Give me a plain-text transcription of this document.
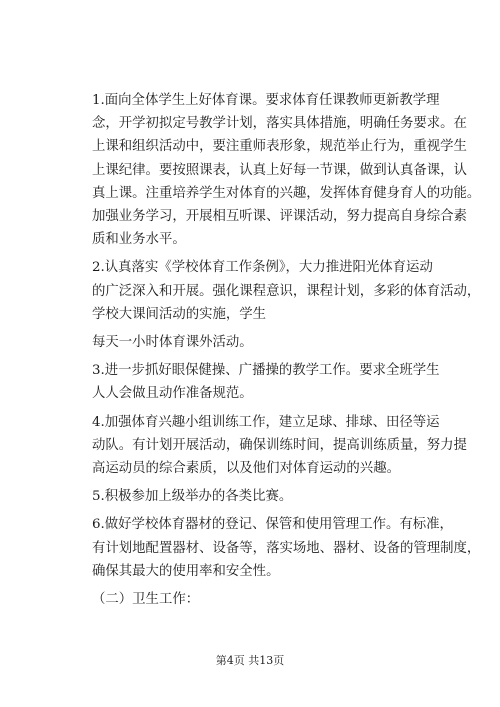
1.面向全体学生上好体育课。要求体育任课教师更新教学理
念，开学初拟定号教学计划，落实具体措施，明确任务要求。在
上课和组织活动中，要注重师表形象，规范举止行为，重视学生
上课纪律。要按照课表，认真上好每一节课，做到认真备课，认
真上课。注重培养学生对体育的兴趣，发挥体育健身育人的功能。
加强业务学习，开展相互听课、评课活动，努力提高自身综合素
质和业务水平。

2.认真落实《学校体育工作条例》，大力推进阳光体育运动
的广泛深入和开展。强化课程意识，课程计划，多彩的体育活动，
学校大课间活动的实施，学生

每天一小时体育课外活动。

3.进一步抓好眼保健操、广播操的教学工作。要求全班学生
人人会做且动作准备规范。

4.加强体育兴趣小组训练工作，建立足球、排球、田径等运
动队。有计划开展活动，确保训练时间，提高训练质量，努力提
高运动员的综合素质，以及他们对体育运动的兴趣。

5.积极参加上级举办的各类比赛。

6.做好学校体育器材的登记、保管和使用管理工作。有标准，
有计划地配置器材、设备等，落实场地、器材、设备的管理制度，
确保其最大的使用率和安全性。

（二）卫生工作：

第4页 共13页
